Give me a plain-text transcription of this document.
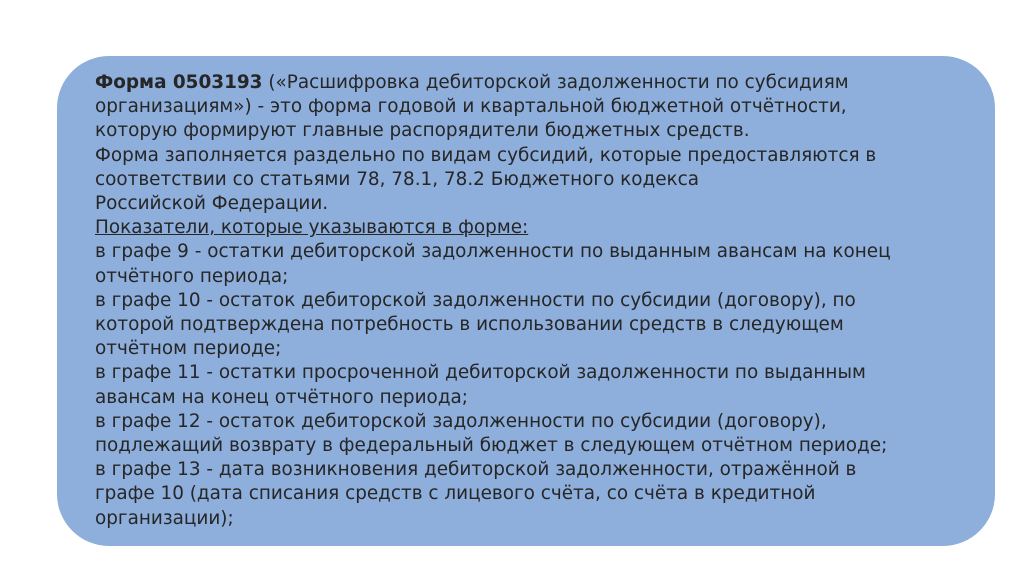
Форма 0503193 («Расшифровка дебиторской задолженности по субсидиям
организациям») - это форма годовой и квартальной бюджетной отчётности,
которую формируют главные распорядители бюджетных средств.
Форма заполняется раздельно по видам субсидий, которые предоставляются в
соответствии со статьями 78, 78.1, 78.2 Бюджетного кодекса
Российской Федерации.
Показатели, которые указываются в форме:
в графе 9 - остатки дебиторской задолженности по выданным авансам на конец
отчётного периода;
в графе 10 - остаток дебиторской задолженности по субсидии (договору), по
которой подтверждена потребность в использовании средств в следующем
отчётном периоде;
в графе 11 - остатки просроченной дебиторской задолженности по выданным
авансам на конец отчётного периода;
в графе 12 - остаток дебиторской задолженности по субсидии (договору),
подлежащий возврату в федеральный бюджет в следующем отчётном периоде;
в графе 13 - дата возникновения дебиторской задолженности, отражённой в
графе 10 (дата списания средств с лицевого счёта, со счёта в кредитной
организации);
